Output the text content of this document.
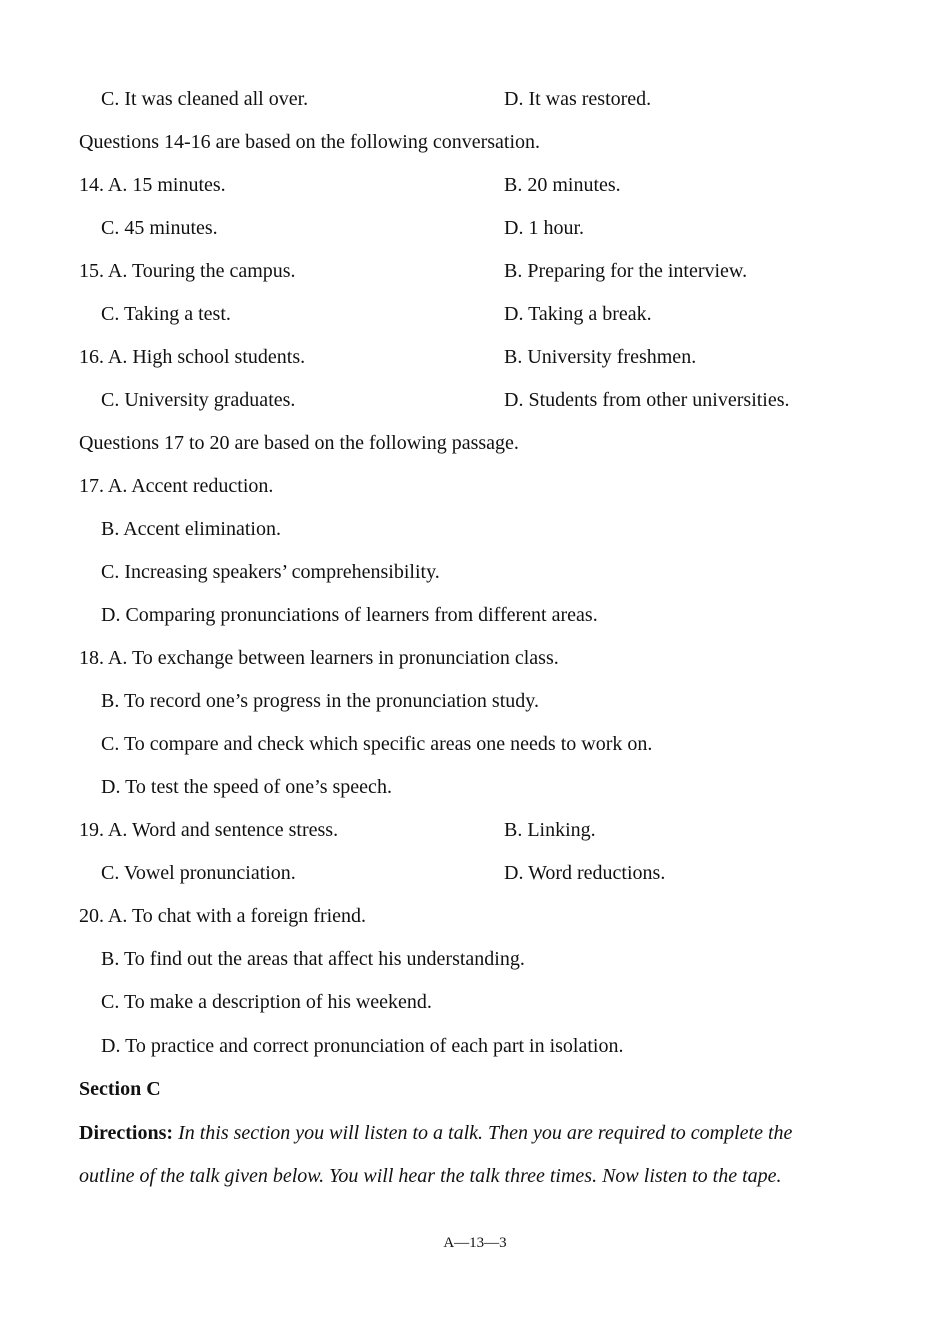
C. It was cleaned all over.	D. It was restored.
Questions 14-16 are based on the following conversation.
14. A. 15 minutes.	B. 20 minutes.
C. 45 minutes.	D. 1 hour.
15. A. Touring the campus.	B. Preparing for the interview.
C. Taking a test.	D. Taking a break.
16. A. High school students.	B. University freshmen.
C. University graduates.	D. Students from other universities.
Questions 17 to 20 are based on the following passage.
17. A. Accent reduction.
B. Accent elimination.
C. Increasing speakers’ comprehensibility.
D. Comparing pronunciations of learners from different areas.
18. A. To exchange between learners in pronunciation class.
B. To record one’s progress in the pronunciation study.
C. To compare and check which specific areas one needs to work on.
D. To test the speed of one’s speech.
19. A. Word and sentence stress.	B. Linking.
C. Vowel pronunciation.	D. Word reductions.
20. A. To chat with a foreign friend.
B. To find out the areas that affect his understanding.
C. To make a description of his weekend.
D. To practice and correct pronunciation of each part in isolation.
Section C
Directions: In this section you will listen to a talk. Then you are required to complete the
outline of the talk given below. You will hear the talk three times. Now listen to the tape.
A—13—3
